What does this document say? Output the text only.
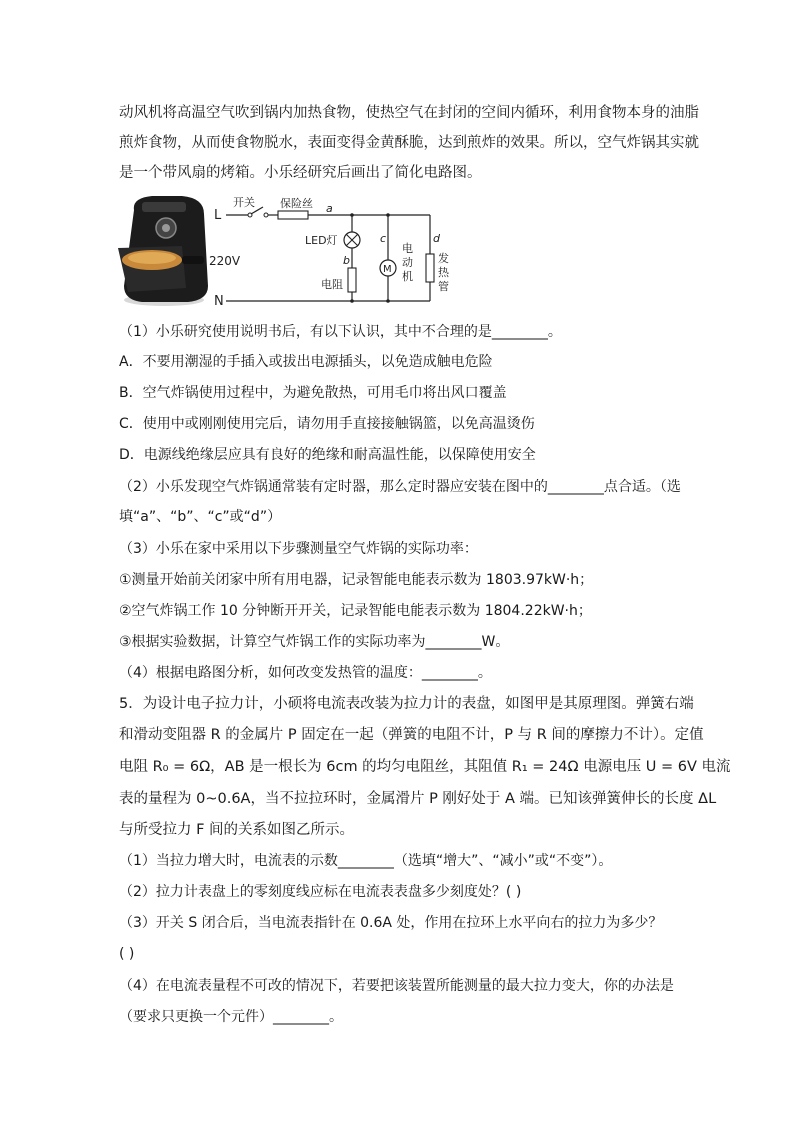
动风机将高温空气吹到锅内加热食物，使热空气在封闭的空间内循环，利用食物本身的油脂
煎炸食物，从而使食物脱水，表面变得金黄酥脆，达到煎炸的效果。所以，空气炸锅其实就
是一个带风扇的烤箱。小乐经研究后画出了简化电路图。
L
220V
N
开关 保险丝 a
LED灯
b
电阻
c
M
电
动
机
d
发
热
管
（1）小乐研究使用说明书后，有以下认识，其中不合理的是________。
A．不要用潮湿的手插入或拔出电源插头，以免造成触电危险
B．空气炸锅使用过程中，为避免散热，可用毛巾将出风口覆盖
C．使用中或刚刚使用完后，请勿用手直接接触锅篮，以免高温烫伤
D．电源线绝缘层应具有良好的绝缘和耐高温性能，以保障使用安全
（2）小乐发现空气炸锅通常装有定时器，那么定时器应安装在图中的________点合适。（选
填“a”、“b”、“c”或“d”）
（3）小乐在家中采用以下步骤测量空气炸锅的实际功率：
①测量开始前关闭家中所有用电器，记录智能电能表示数为 1803.97kW·h；
②空气炸锅工作 10 分钟断开开关，记录智能电能表示数为 1804.22kW·h；
③根据实验数据，计算空气炸锅工作的实际功率为________W。
（4）根据电路图分析，如何改变发热管的温度：________。
5．为设计电子拉力计，小硕将电流表改装为拉力计的表盘，如图甲是其原理图。弹簧右端
和滑动变阻器 R 的金属片 P 固定在一起（弹簧的电阻不计，P 与 R 间的摩擦力不计）。定值
电阻 R₀ = 6Ω，AB 是一根长为 6cm 的均匀电阻丝，其阻值 R₁ = 24Ω 电源电压 U = 6V 电流
表的量程为 0~0.6A，当不拉拉环时，金属滑片 P 刚好处于 A 端。已知该弹簧伸长的长度 ΔL
与所受拉力 F 间的关系如图乙所示。
（1）当拉力增大时，电流表的示数________（选填“增大”、“减小”或“不变”）。
（2）拉力计表盘上的零刻度线应标在电流表表盘多少刻度处？( )
（3）开关 S 闭合后，当电流表指针在 0.6A 处，作用在拉环上水平向右的拉力为多少？
( )
（4）在电流表量程不可改的情况下，若要把该装置所能测量的最大拉力变大，你的办法是
（要求只更换一个元件）________。
